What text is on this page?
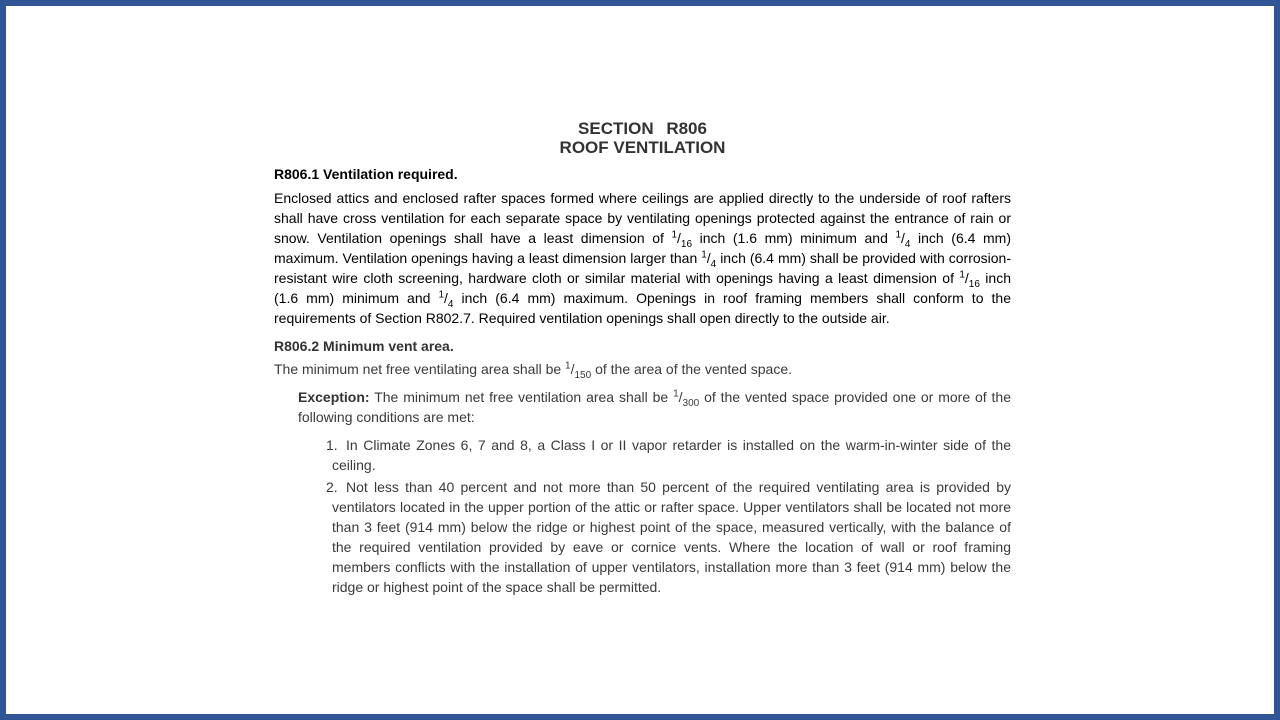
SECTION R806
ROOF VENTILATION
R806.1 Ventilation required.

Enclosed attics and enclosed rafter spaces formed where ceilings are applied directly to the underside of roof rafters shall have cross ventilation for each separate space by ventilating openings protected against the entrance of rain or snow. Ventilation openings shall have a least dimension of $^1/_{16}$ inch (1.6 mm) minimum and $^1/_4$ inch (6.4 mm) maximum. Ventilation openings having a least dimension larger than $^1/_4$ inch (6.4 mm) shall be provided with corrosion-resistant wire cloth screening, hardware cloth or similar material with openings having a least dimension of $^1/_{16}$ inch (1.6 mm) minimum and $^1/_4$ inch (6.4 mm) maximum. Openings in roof framing members shall conform to the requirements of Section R802.7. Required ventilation openings shall open directly to the outside air.

R806.2 Minimum vent area.

The minimum net free ventilating area shall be $^1/_{150}$ of the area of the vented space.

Exception: The minimum net free ventilation area shall be $^1/_{300}$ of the vented space provided one or more of the following conditions are met:

1. In Climate Zones 6, 7 and 8, a Class I or II vapor retarder is installed on the warm-in-winter side of the ceiling.
2. Not less than 40 percent and not more than 50 percent of the required ventilating area is provided by ventilators located in the upper portion of the attic or rafter space. Upper ventilators shall be located not more than 3 feet (914 mm) below the ridge or highest point of the space, measured vertically, with the balance of the required ventilation provided by eave or cornice vents. Where the location of wall or roof framing members conflicts with the installation of upper ventilators, installation more than 3 feet (914 mm) below the ridge or highest point of the space shall be permitted.
